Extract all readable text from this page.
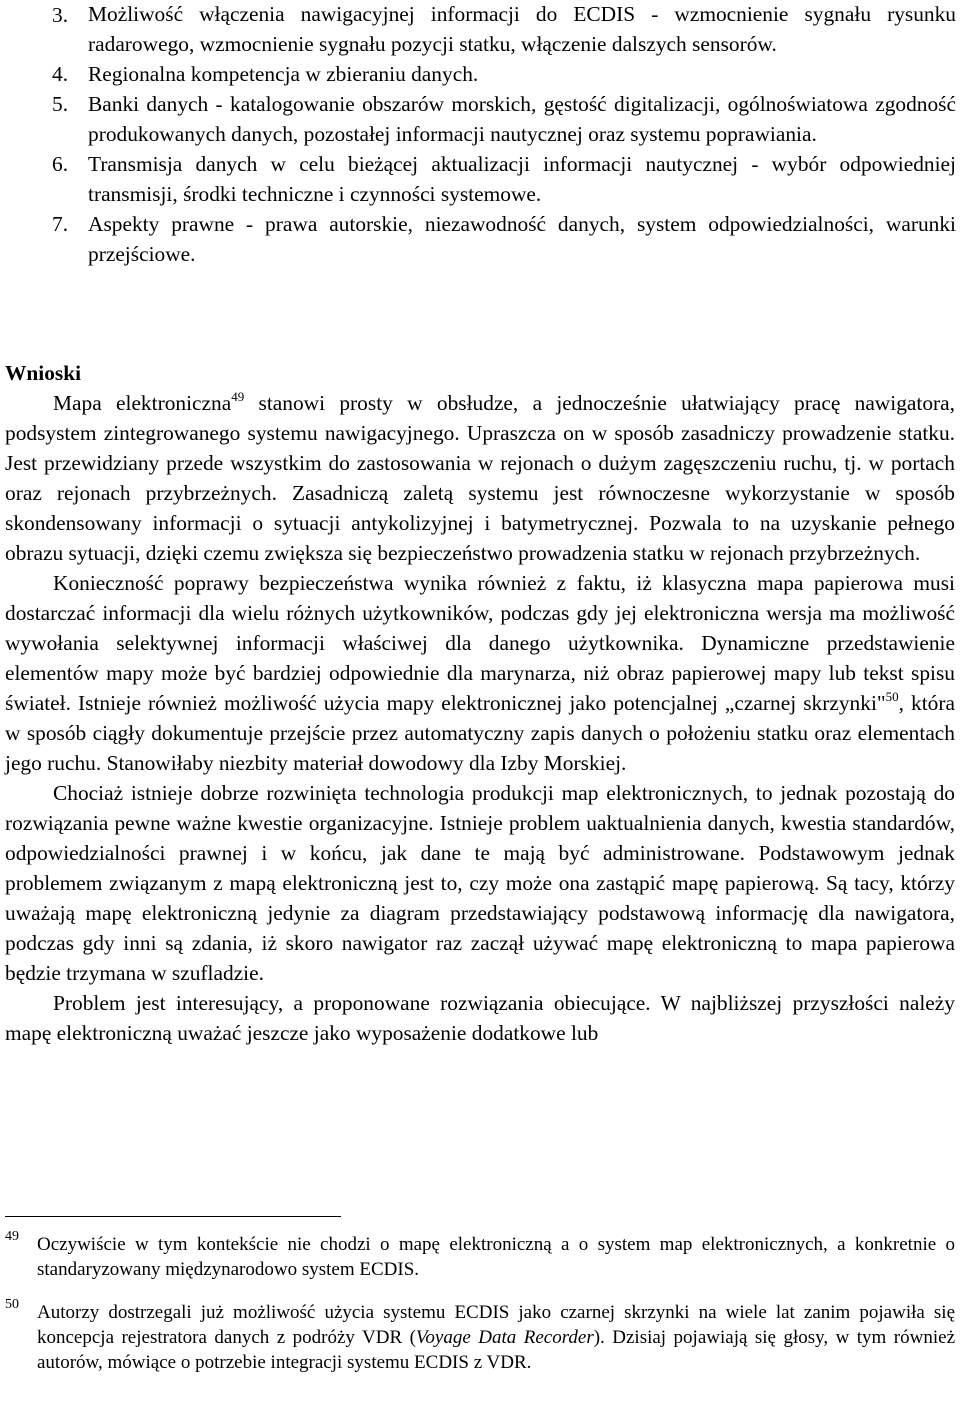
3. Możliwość włączenia nawigacyjnej informacji do ECDIS - wzmocnienie sygnału rysunku radarowego, wzmocnienie sygnału pozycji statku, włączenie dalszych sensorów.
4. Regionalna kompetencja w zbieraniu danych.
5. Banki danych - katalogowanie obszarów morskich, gęstość digitalizacji, ogólnoświatowa zgodność produkowanych danych, pozostałej informacji nautycznej oraz systemu poprawiania.
6. Transmisja danych w celu bieżącej aktualizacji informacji nautycznej - wybór odpowiedniej transmisji, środki techniczne i czynności systemowe.
7. Aspekty prawne - prawa autorskie, niezawodność danych, system odpowiedzialności, warunki przejściowe.
Wnioski

Mapa elektroniczna$^{49}$ stanowi prosty w obsłudze, a jednocześnie ułatwiający pracę nawigatora, podsystem zintegrowanego systemu nawigacyjnego. Upraszcza on w sposób zasadniczy prowadzenie statku. Jest przewidziany przede wszystkim do zastosowania w rejonach o dużym zagęszczeniu ruchu, tj. w portach oraz rejonach przybrzeżnych. Zasadniczą zaletą systemu jest równoczesne wykorzystanie w sposób skondensowany informacji o sytuacji antykolizyjnej i batymetrycznej. Pozwala to na uzyskanie pełnego obrazu sytuacji, dzięki czemu zwiększa się bezpieczeństwo prowadzenia statku w rejonach przybrzeżnych.

Konieczność poprawy bezpieczeństwa wynika również z faktu, iż klasyczna mapa papierowa musi dostarczać informacji dla wielu różnych użytkowników, podczas gdy jej elektroniczna wersja ma możliwość wywołania selektywnej informacji właściwej dla danego użytkownika. Dynamiczne przedstawienie elementów mapy może być bardziej odpowiednie dla marynarza, niż obraz papierowej mapy lub tekst spisu świateł. Istnieje również możliwość użycia mapy elektronicznej jako potencjalnej „czarnej skrzynki"$^{50}$, która w sposób ciągły dokumentuje przejście przez automatyczny zapis danych o położeniu statku oraz elementach jego ruchu. Stanowiłaby niezbity materiał dowodowy dla Izby Morskiej.

Chociaż istnieje dobrze rozwinięta technologia produkcji map elektronicznych, to jednak pozostają do rozwiązania pewne ważne kwestie organizacyjne. Istnieje problem uaktualnienia danych, kwestia standardów, odpowiedzialności prawnej i w końcu, jak dane te mają być administrowane. Podstawowym jednak problemem związanym z mapą elektroniczną jest to, czy może ona zastąpić mapę papierową. Są tacy, którzy uważają mapę elektroniczną jedynie za diagram przedstawiający podstawową informację dla nawigatora, podczas gdy inni są zdania, iż skoro nawigator raz zaczął używać mapę elektroniczną to mapa papierowa będzie trzymana w szufladzie.

Problem jest interesujący, a proponowane rozwiązania obiecujące. W najbliższej przyszłości należy mapę elektroniczną uważać jeszcze jako wyposażenie dodatkowe lub

49 Oczywiście w tym kontekście nie chodzi o mapę elektroniczną a o system map elektronicznych, a konkretnie o standaryzowany międzynarodowo system ECDIS.
50 Autorzy dostrzegali już możliwość użycia systemu ECDIS jako czarnej skrzynki na wiele lat zanim pojawiła się koncepcja rejestratora danych z podróży VDR (Voyage Data Recorder). Dzisiaj pojawiają się głosy, w tym również autorów, mówiące o potrzebie integracji systemu ECDIS z VDR.
